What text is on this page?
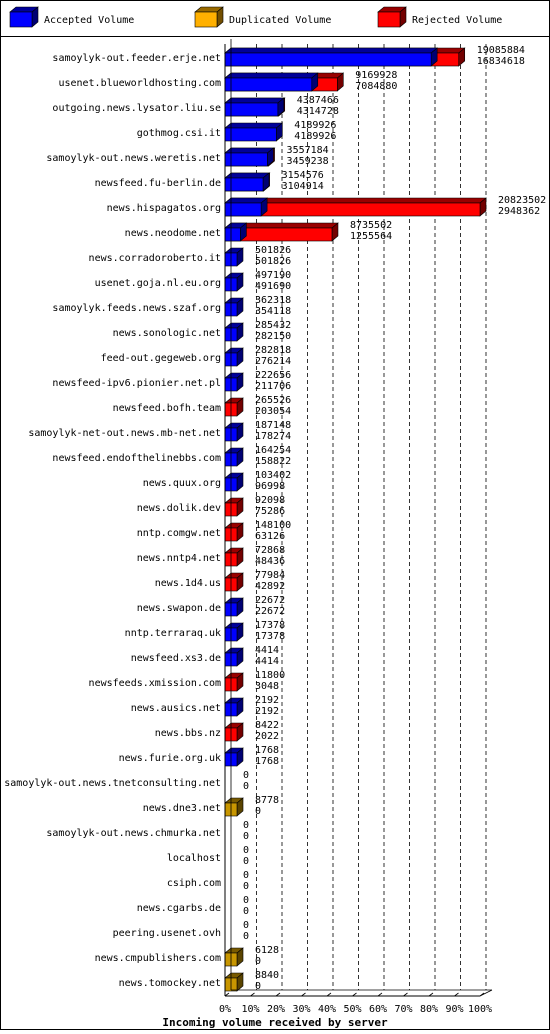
Accepted Volume	Duplicated Volume	Rejected Volume
samoylyk-out.feeder.erje.net
19085884
16834618
usenet.blueworldhosting.com
9169928
7084880
outgoing.news.lysator.liu.se
4387466
4314728
gothmog.csi.it
4189926
4189926
samoylyk-out.news.weretis.net
3557184
3459238
newsfeed.fu-berlin.de
3154576
3104914
news.hispagatos.org
20823502
2948362
news.neodome.net
8735502
1255564
news.corradoroberto.it
501826
501826
usenet.goja.nl.eu.org
497190
491690
samoylyk.feeds.news.szaf.org
362318
354118
news.sonologic.net
285432
282150
feed-out.gegeweb.org
282818
276214
newsfeed-ipv6.pionier.net.pl
222656
211706
newsfeed.bofh.team
265526
203054
samoylyk-net-out.news.mb-net.net
187148
178274
newsfeed.endofthelinebbs.com
164254
158822
news.quux.org
103402
96998
news.dolik.dev
92098
75286
nntp.comgw.net
148100
63126
news.nntp4.net
72868
48436
news.1d4.us
77984
42892
news.swapon.de
22672
22672
nntp.terraraq.uk
17378
17378
newsfeed.xs3.de
4414
4414
newsfeeds.xmission.com
11800
3048
news.ausics.net
2192
2192
news.bbs.nz
8422
2022
news.furie.org.uk
1768
1768
samoylyk-out.news.tnetconsulting.net
0
0
news.dne3.net
8778
0
samoylyk-out.news.chmurka.net
0
0
localhost
0
0
csiph.com
0
0
news.cgarbs.de
0
0
peering.usenet.ovh
0
0
news.cmpublishers.com
6128
0
news.tomockey.net
8840
0
0% 10% 20% 30% 40% 50% 60% 70% 80% 90% 100%
Incoming volume received by server
